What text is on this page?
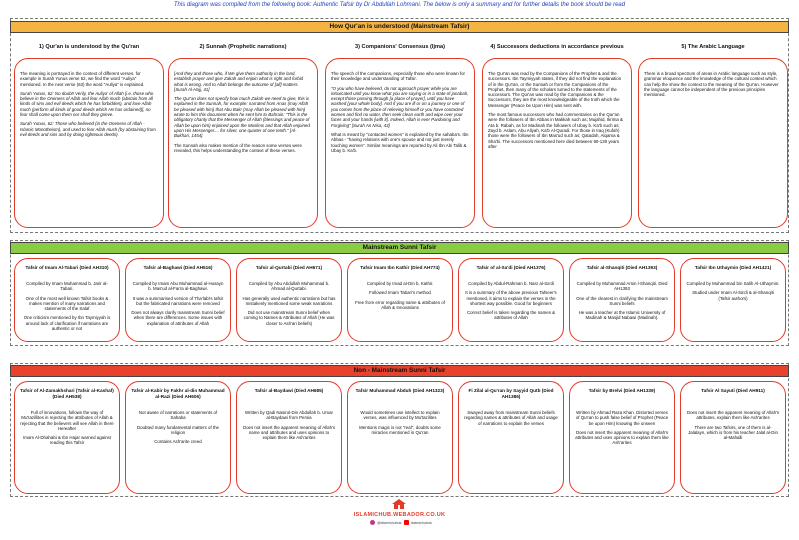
This diagram was compiled from the following book: Authentic Tafsir by Dr Abdullah Lohmani. The below is only a summary and for further details the book should be read
How Qur'an is understood (Mainstream Tafsir)
1) Qur'an is understood by the Qu'ran

The meaning is portrayed in the context of different verses. for example in Surah Yunus verse 62, we find the word "Auliya" mentioned. In the next verse (63) the word "Auliya" is explained.

Surah Yunus, 62: No doubt! Verily, the Auliya' of Allah [i.e. those who believe in the Oneness of Allah and fear Allah much (abstain from all kinds of sins and evil deeds which he has forbidden), and love Allah much (perform all kinds of good deeds which He has ordained)], no fear shall come upon them nor shall they grieve.

Surah Yunus, 62: Those who believed (in the Oneness of Allah - Islamic Monotheism), and used to fear Allah much (by abstaining from evil deeds and sins and by doing righteous deeds).

2) Sunnah (Prophetic narrations)

[And they and those who, if We give them authority in the land, establish prayer and give Zakah and enjoin what is right and forbid what is wrong. And to Allah belongs the outcome of [all] matters. [Surah Al-Hajj, 41]

The Qur'an does not specify how much Zakah we need to give, this is explained in the Sunnah, for example: narrated from Anas (may Allah be pleased with him) that Abu Bakr (may Allah be pleased with him) wrote to him this document when he sent him to Bahrain: "This is the obligatory charity that the Messenger of Allah (blessings and peace of Allah be upon him) enjoined upon the Muslims and that Allah enjoined upon His Messenger.... for silver, one quarter of one tenth." [Al-Bukhari, 1454].

The Sunnah also makes mention of the reason some verses were revealed, this helps understanding the context of these verses.

3) Companions' Consensus (Ijma)

The speech of the companions, especially those who were known for their knowledge and understanding of Tafsir.

"O you who have believed, do not approach prayer while you are intoxicated until you know what you are saying or in a state of janabah, except those passing through [a place of prayer], until you have washed [your whole body]. And if you are ill or on a journey or one of you comes from the place of relieving himself or you have contacted women and find no water, then seek clean earth and wipe over your faces and your hands [with it]. Indeed, Allah is ever Pardoning and Forgiving" [Surah An Nisa, 43]

What is meant by "contacted women" is explained by the sahaba's. Ibn Abbas - "having relations with one's spouse and not just merely touching women". Similar meanings are reported by Ali Ibn Abi Talib & Ubay b. Ka'b.

4) Successors deductions in accordance previous

The Qur'an was read by the Companions of the Prophet & and the successors. Ibn Taymiyyah states, if they did not find the explanation of in the Qu'ran, or the Sunnah or from the Companions of the Prophet, then many of the scholars turned to the statements of the successors. The Qur'an was read by the Companions & the Successors, they are the most knowledgeable of the truth which the Messenger (Peace be Upon Him) was sent with.

The most famous successors who had commentaries on the Qur'an were the followers of Ibn Abbas in Makkah such as; Mujahid, Ikrima & Ata b. Rabah, as for Madinah the followers of Ubay b. Ka'b such as; Zayd b. Aslam, Abu Aliyah, Ka'b Al-Quradi. For those in Iraq (Kufah) those were the followers of Ibn Mas'ud such as; Qatadah, Alqama & Sha'bi. The successors mentioned here died between 90-130 years after

5) The Arabic Language

There is a broad spectrum of areas in Arabic language such as style, grammar eloquence and the knowledge of the cultural context which can help the show the context to the meaning of the Qur'an. However the language cannot be independent of the previous principles mentioned.

Mainstream Sunni Tafsir
Tafsir of Imam Al-Tabari (Died AH310)

Compiled by Imam Muhammad b. Jarir al-Tabari.

One of the most well known Tafsir books & makes mention of many narrations and statements of the Salaf

One criticism mentioned by Ibn Taymiyyah is around lack of clarification if narrations are authentic or not

Tafsir al-Baghawi (Died AH516)

Compiled by Imam Abu Muhammad al-Husayn b. Mas'ud al-Farra al-Baghawi.

It was a summarised version of Tha'labi's tafsir but the fabricated narrations were removed

Does not always clarify mainstream Sunni belief when there are differences. Some issues with explanation of attributes of Allah

Tafsir al-Qurtabi (Died AH671)

Compiled by Abu Abdullah Muhammad b. Ahmad al-Qurtabi.

Has generally used authentic narrations but has mistakenly mentioned some weak narrations

Did not use mainstream Sunni belief when coming to Names & Attributes of Allah (He was closer to Ash'ari beliefs)

Tafsir Imam Ibn Kathir (Died AH774)

Compiled by Imad al-Din b. Kathir.

Followed Imam Tabari's method

Free from error regarding name & attributes of Allah & Innovations

Tafsir of al-Sa'di (Died AH1376)

Compiled by Abdul-Rahman b. Nasr al-Sa'di

It is a summary of the above previous Tafseer's mentioned, it aims to explain the verses in the shortest way possible. Good for beginners

Correct belief is taken regarding the names & attributes of Allah

Tafsir al-Shanqiti (Died AH1393)

Compiled by Muhammad Amin l-Shanqiti. Died AH1393

One of the clearest in clarifying the mainstream Sunni beliefs

He was a teacher at the Islamic University of Madinah & Masjid Nabawi (Madinah).

Tafsir Ibn Uthaymin (Died AH1421)

Compiled by Muhammad bin Salih Al-Uthaymin.

Studied under Imam Al-Sa'di & al-Shanqiti (Tafsir authors)

Non - Mainstream Sunni Tafsir
Tafsir of Al-Zamakhshari (Tafsir al-Kashaf) (Died AH538)

Full of innovations, follows the way of Mu'tazillites in rejecting the attributes of Allah & rejecting that the believers will see Allah in there Hereafter

Imam Al-Dhahabi & Ibn Hajar warned against reading this Tafsir

Tafsir al-Kabir by Fakhr al-din Muhammad al-Razi (Died AH606)

Not aware of narrations or statements of Sahaba

Doubted many fundamental matters of the religion

Contains Ash'arite creed

Tafsir al-Baydawi (Died AH685)

Written by Qadi Nasirul-Din Abdullah b. Umar al-Baydawi from Persia

Does not insert the apparent meaning of Allah's name and attributes and uses opinions to explain them like Ash'arites

Tafsir Muhammad Abduh (Died AH1323)

Would sometimes use intellect to explain verses, was influenced by Mu'tazilites

Mentions magic is not "real", doubts some miracles mentioned in Qu'ran

Fi Zilal al-Qu'ran by Sayyid Qutb (Died AH1386)

Swayed away from mainstream Sunni beliefs regarding names & attributes of Allah and usage of narrations to explain the verses

Tafsir by Brelvi (Died AH1339)

Written by Ahmad Raza Khan. Distorted verses of Qu'ran to push false belief of Prophet (Peace be upon Him) knowing the unseen

Does not insert the apparent meaning of Allah's attributes and uses opinions to explain them like Ash'arites

Tafsir Al Sayuti (Died AH911)

Does not insert the apparent meaning of Allah's attributes, explain them like Ash'arites

There are two Tafsirs, one of them is al-Jalalayn, which is from his teacher Jalal al-Din al-Mahalli

ISLAMICHUB.WEBADOR.CO.UK
@islamichubuk	islamichubuk
